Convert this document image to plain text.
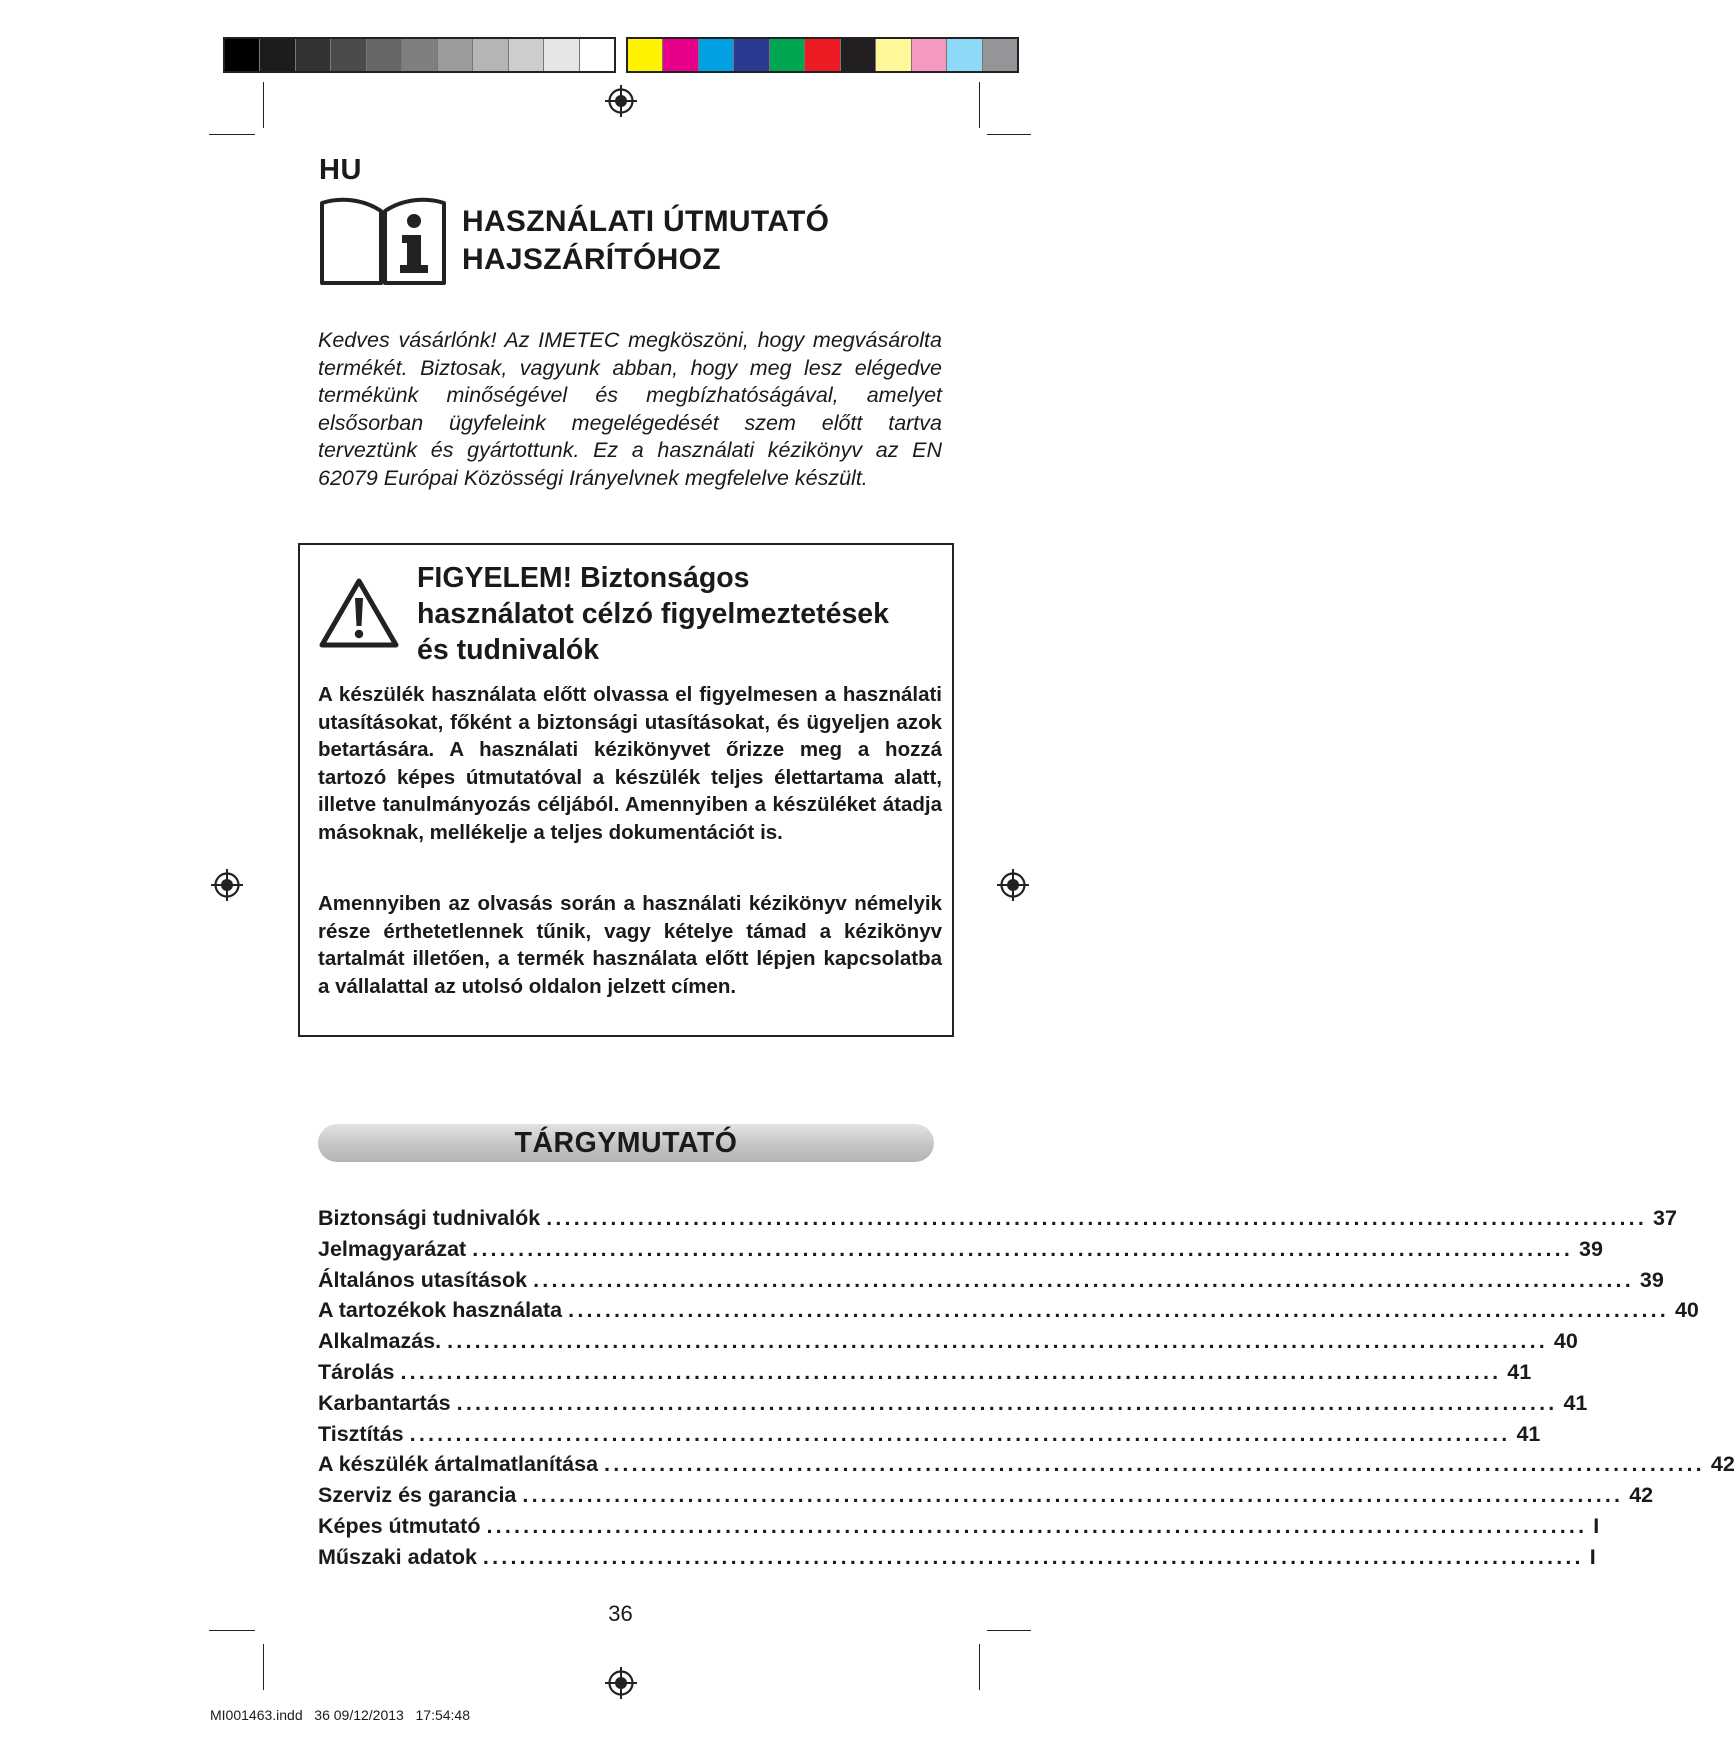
HU
HASZNÁLATI ÚTMUTATÓ
HAJSZÁRÍTÓHOZ
Kedves vásárlónk! Az IMETEC megköszöni, hogy megvásárolta termékét. Biztosak, vagyunk abban, hogy meg lesz elégedve termékünk minőségével és megbízhatóságával, amelyet elsősorban ügyfeleink megelégedését szem előtt tartva terveztünk és gyártottunk. Ez a használati kézikönyv az EN 62079 Európai Közösségi Irányelvnek megfelelve készült.
FIGYELEM! Biztonságos
használatot célzó figyelmeztetések
és tudnivalók
A készülék használata előtt olvassa el figyelmesen a használati utasításokat, főként a biztonsági utasításokat, és ügyeljen azok betartására. A használati kézikönyvet őrizze meg a hozzá tartozó képes útmutatóval a készülék teljes élettartama alatt, illetve tanulmányozás céljából. Amennyiben a készüléket átadja másoknak, mellékelje a teljes dokumentációt is.
Amennyiben az olvasás során a használati kézikönyv némelyik része érthetetlennek tűnik, vagy kételye támad a kézikönyv tartalmát illetően, a termék használata előtt lépjen kapcsolatba a vállalattal az utolsó oldalon jelzett címen.
TÁRGYMUTATÓ
Biztonsági tudnivalók ........................................................................................................................ 37
Jelmagyarázat ........................................................................................................................ 39
Általános utasítások ........................................................................................................................ 39
A tartozékok használata ........................................................................................................................ 40
Alkalmazás. ........................................................................................................................ 40
Tárolás ........................................................................................................................ 41
Karbantartás ........................................................................................................................ 41
Tisztítás ........................................................................................................................ 41
A készülék ártalmatlanítása ........................................................................................................................ 42
Szerviz és garancia ........................................................................................................................ 42
Képes útmutató ........................................................................................................................ I
Műszaki adatok ........................................................................................................................ I
36
MI001463.indd   36 09/12/2013   17:54:48
